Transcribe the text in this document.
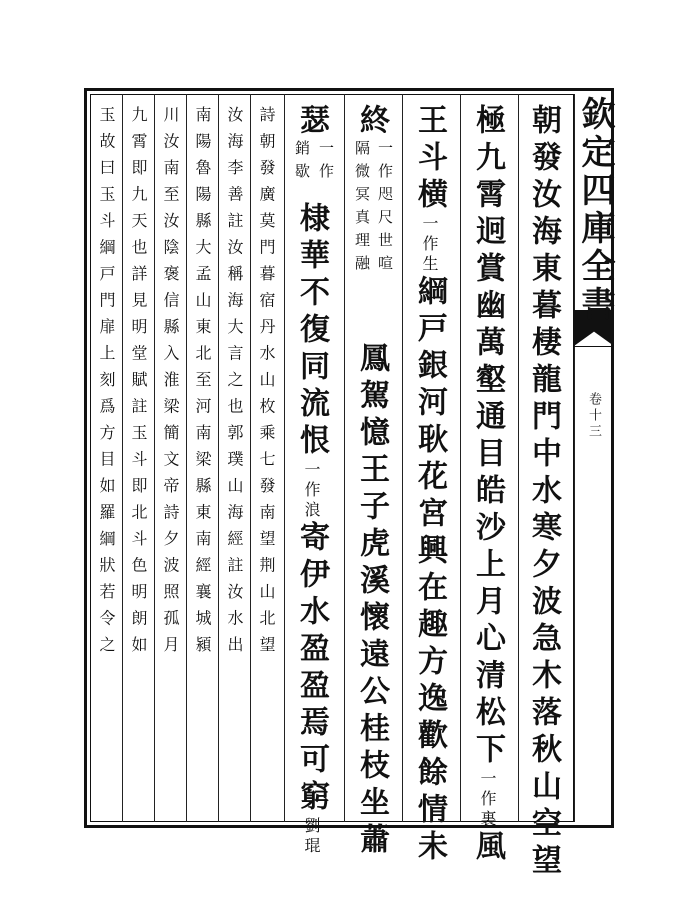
欽定四庫全書
卷十三
朝發汝海東暮棲龍門中水寒夕波急木落秋山空望
極九霄迥賞幽萬壑通目皓沙上月心清松下一作裏風
王斗横一作生綱戸銀河耿花宮興在趣方逸歡餘情未
終
一作咫尺世喧
隔微冥真理融
鳳駕憶王子虎溪懷遠公桂枝坐蕭
瑟
一作
銷歇
棣華不復同流恨一作浪寄伊水盈盈焉可窮劉琨
詩朝發廣莫門暮宿丹水山枚乘七發南望荆山北望
汝海李善註汝稱海大言之也郭璞山海經註汝水出
南陽魯陽縣大孟山東北至河南梁縣東南經襄城潁
川汝南至汝陰褒信縣入淮梁簡文帝詩夕波照孤月
九霄即九天也詳見明堂賦註玉斗即北斗色明朗如
玉故曰玉斗綱戸門扉上刻爲方目如羅綱狀若令之
